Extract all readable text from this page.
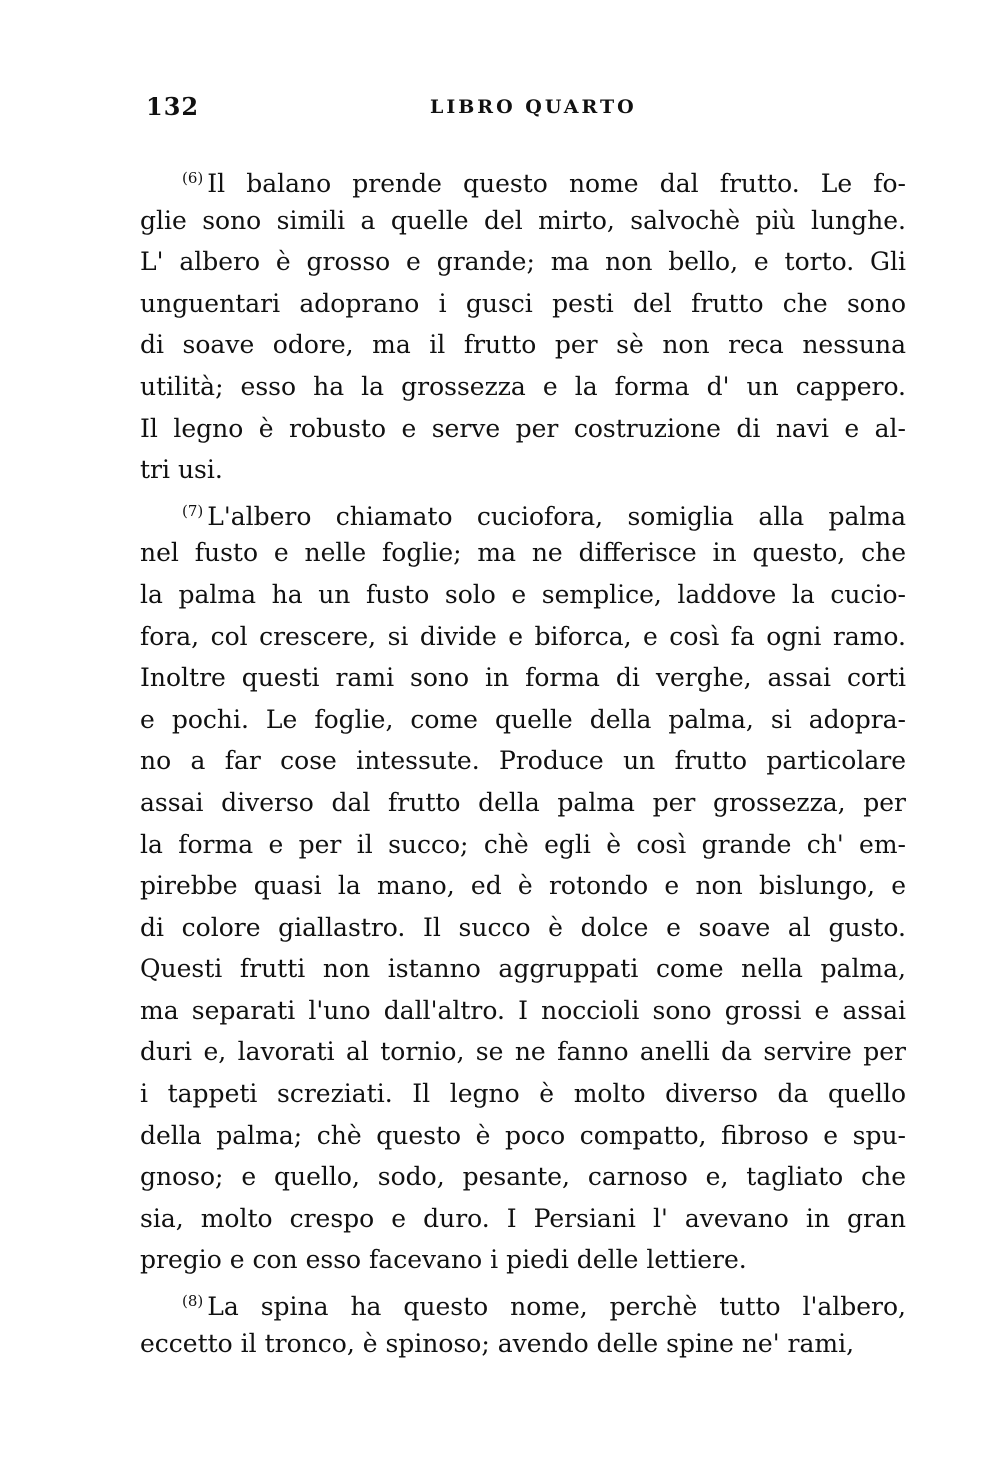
132	LIBRO QUARTO
$^{(6)}$ Il balano prende questo nome dal frutto. Le fo-
glie sono simili a quelle del mirto, salvochè più lunghe.
L' albero è grosso e grande; ma non bello, e torto. Gli
unguentari adoprano i gusci pesti del frutto che sono
di soave odore, ma il frutto per sè non reca nessuna
utilità; esso ha la grossezza e la forma d' un cappero.
Il legno è robusto e serve per costruzione di navi e al-
tri usi.
$^{(7)}$ L'albero chiamato cuciofora, somiglia alla palma
nel fusto e nelle foglie; ma ne differisce in questo, che
la palma ha un fusto solo e semplice, laddove la cucio-
fora, col crescere, si divide e biforca, e così fa ogni ramo.
Inoltre questi rami sono in forma di verghe, assai corti
e pochi. Le foglie, come quelle della palma, si adopra-
no a far cose intessute. Produce un frutto particolare
assai diverso dal frutto della palma per grossezza, per
la forma e per il succo; chè egli è così grande ch' em-
pirebbe quasi la mano, ed è rotondo e non bislungo, e
di colore giallastro. Il succo è dolce e soave al gusto.
Questi frutti non istanno aggruppati come nella palma,
ma separati l'uno dall'altro. I noccioli sono grossi e assai
duri e, lavorati al tornio, se ne fanno anelli da servire per
i tappeti screziati. Il legno è molto diverso da quello
della palma; chè questo è poco compatto, fibroso e spu-
gnoso; e quello, sodo, pesante, carnoso e, tagliato che
sia, molto crespo e duro. I Persiani l' avevano in gran
pregio e con esso facevano i piedi delle lettiere.
$^{(8)}$ La spina ha questo nome, perchè tutto l'albero,
eccetto il tronco, è spinoso; avendo delle spine ne' rami,
